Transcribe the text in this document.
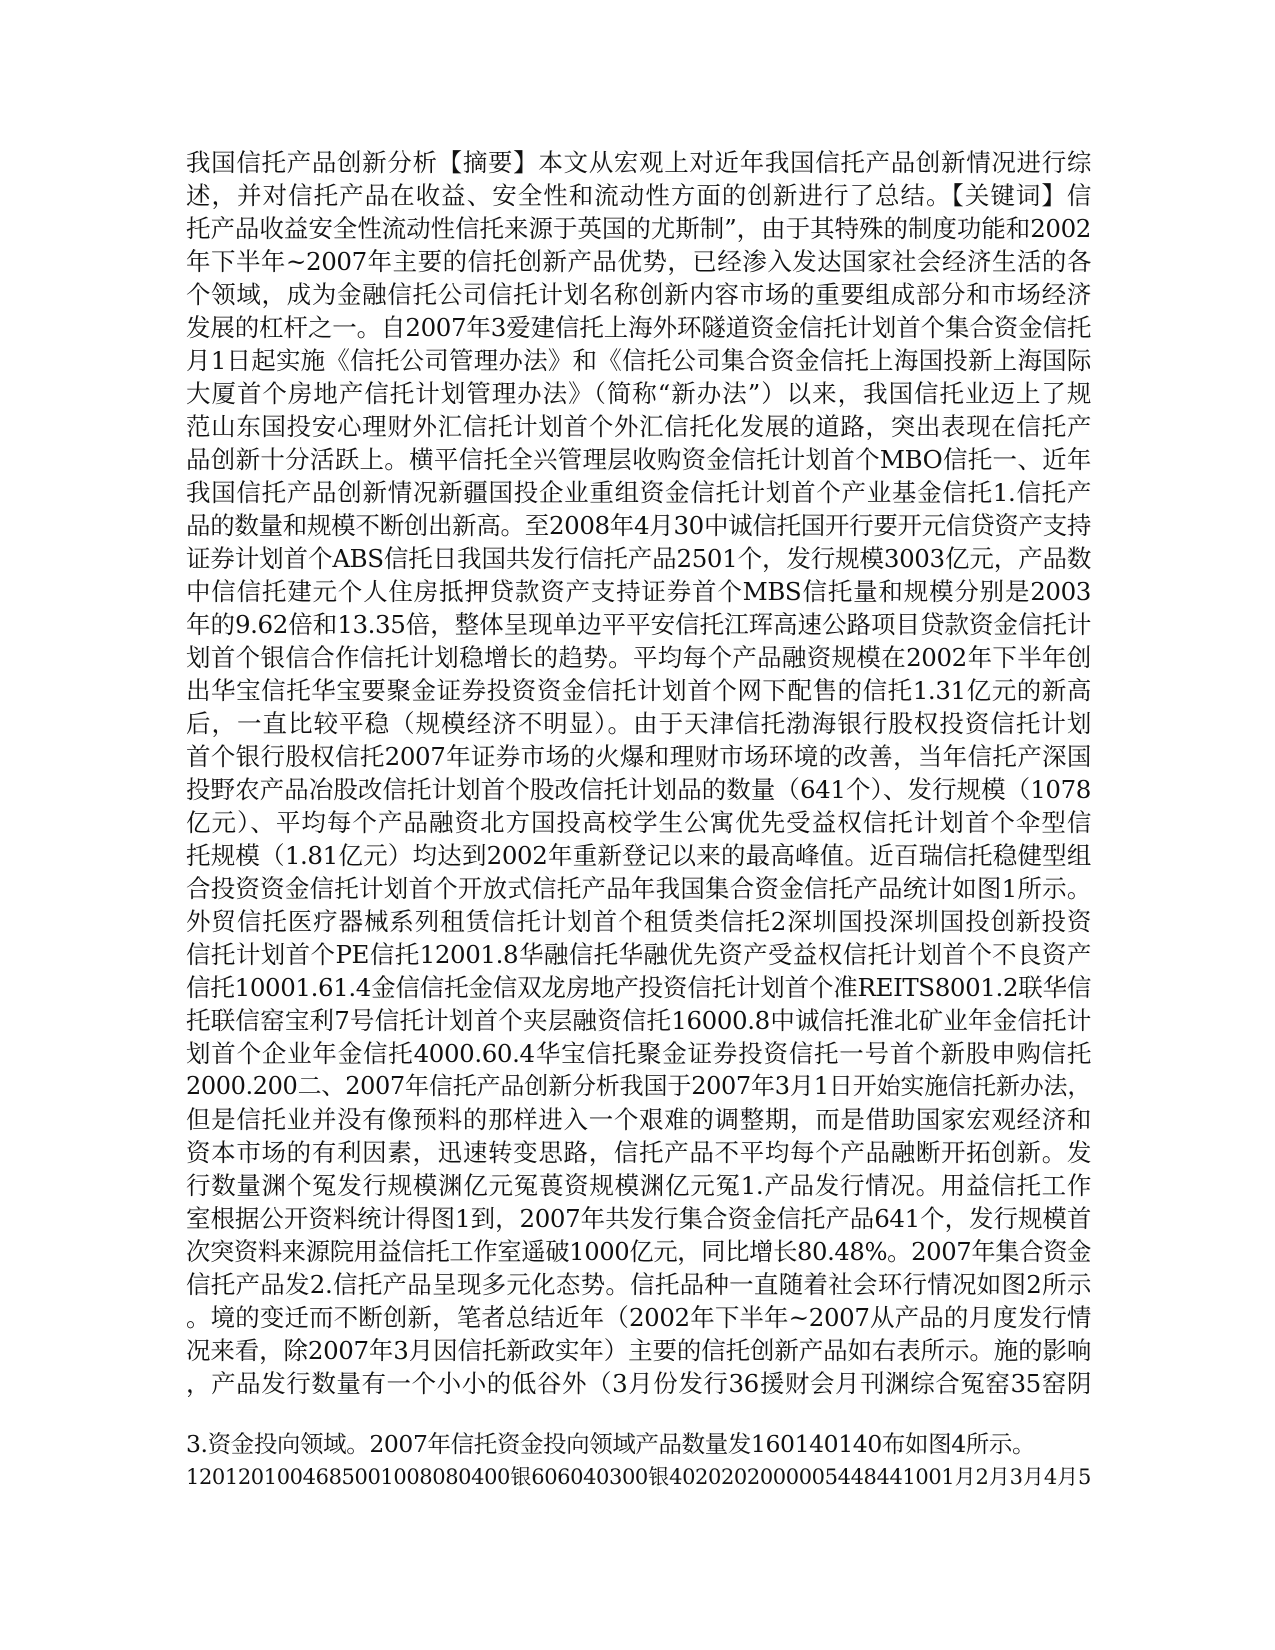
我国信托产品创新分析【摘要】本文从宏观上对近年我国信托产品创新情况进行综
述，并对信托产品在收益、安全性和流动性方面的创新进行了总结。【关键词】信
托产品收益安全性流动性信托来源于英国的尤斯制”，由于其特殊的制度功能和2002
年下半年~2007年主要的信托创新产品优势，已经渗入发达国家社会经济生活的各
个领域，成为金融信托公司信托计划名称创新内容市场的重要组成部分和市场经济
发展的杠杆之一。自2007年3爱建信托上海外环隧道资金信托计划首个集合资金信托
月1日起实施《信托公司管理办法》和《信托公司集合资金信托上海国投新上海国际
大厦首个房地产信托计划管理办法》（简称“新办法”）以来，我国信托业迈上了规
范山东国投安心理财外汇信托计划首个外汇信托化发展的道路，突出表现在信托产
品创新十分活跃上。横平信托全兴管理层收购资金信托计划首个MBO信托一、近年
我国信托产品创新情况新疆国投企业重组资金信托计划首个产业基金信托1.信托产
品的数量和规模不断创出新高。至2008年4月30中诚信托国开行要开元信贷资产支持
证券计划首个ABS信托日我国共发行信托产品2501个，发行规模3003亿元，产品数
中信信托建元个人住房抵押贷款资产支持证券首个MBS信托量和规模分别是2003
年的9.62倍和13.35倍，整体呈现单边平平安信托江珲高速公路项目贷款资金信托计
划首个银信合作信托计划稳增长的趋势。平均每个产品融资规模在2002年下半年创
出华宝信托华宝要聚金证券投资资金信托计划首个网下配售的信托1.31亿元的新高
后，一直比较平稳（规模经济不明显）。由于天津信托渤海银行股权投资信托计划
首个银行股权信托2007年证券市场的火爆和理财市场环境的改善，当年信托产深国
投野农产品冶股改信托计划首个股改信托计划品的数量（641个）、发行规模（1078
亿元）、平均每个产品融资北方国投高校学生公寓优先受益权信托计划首个伞型信
托规模（1.81亿元）均达到2002年重新登记以来的最高峰值。近百瑞信托稳健型组
合投资资金信托计划首个开放式信托产品年我国集合资金信托产品统计如图1所示。
外贸信托医疗器械系列租赁信托计划首个租赁类信托2深圳国投深圳国投创新投资
信托计划首个PE信托12001.8华融信托华融优先资产受益权信托计划首个不良资产
信托10001.61.4金信信托金信双龙房地产投资信托计划首个准REITS8001.2联华信
托联信窑宝利7号信托计划首个夹层融资信托16000.8中诚信托淮北矿业年金信托计
划首个企业年金信托4000.60.4华宝信托聚金证券投资信托一号首个新股申购信托
2000.200二、2007年信托产品创新分析我国于2007年3月1日开始实施信托新办法，
但是信托业并没有像预料的那样进入一个艰难的调整期，而是借助国家宏观经济和
资本市场的有利因素，迅速转变思路，信托产品不平均每个产品融断开拓创新。发
行数量渊个冤发行规模渊亿元冤葨资规模渊亿元冤1.产品发行情况。用益信托工作
室根据公开资料统计得图1到，2007年共发行集合资金信托产品641个，发行规模首
次突资料来源院用益信托工作室遥破1000亿元，同比增长80.48%。2007年集合资金
信托产品发2.信托产品呈现多元化态势。信托品种一直随着社会环行情况如图2所示
。境的变迁而不断创新，笔者总结近年（2002年下半年~2007从产品的月度发行情
况来看，除2007年3月因信托新政实年）主要的信托创新产品如右表所示。施的影响
，产品发行数量有一个小小的低谷外（3月份发行36援财会月刊渊综合冤窑35窑阴
3.资金投向领域。2007年信托资金投向领域产品数量发160140140布如图4所示。
1201201004685001008080400银606040300银4020202000005448441001月2月3月4月5
